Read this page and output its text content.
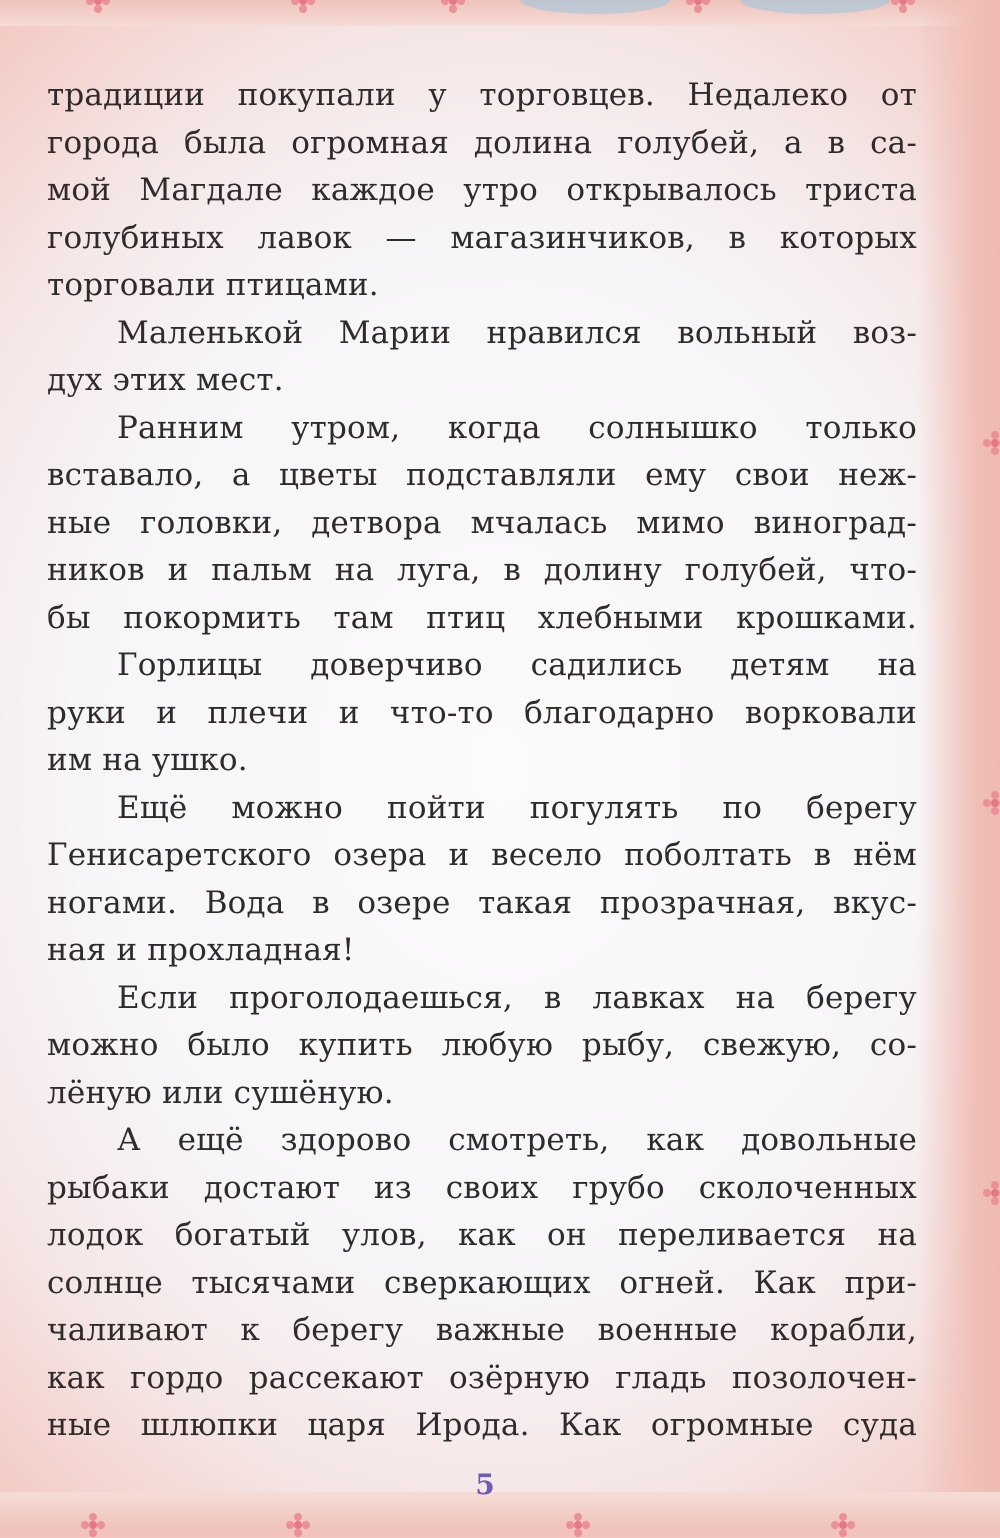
традиции покупали у торговцев. Недалеко от
города была огромная долина голубей, а в са-
мой Магдале каждое утро открывалось триста
голубиных лавок — магазинчиков, в которых
торговали птицами.
Маленькой Марии нравился вольный воз-
дух этих мест.
Ранним утром, когда солнышко только
вставало, а цветы подставляли ему свои неж-
ные головки, детвора мчалась мимо виноград-
ников и пальм на луга, в долину голубей, что-
бы покормить там птиц хлебными крошками.
Горлицы доверчиво садились детям на
руки и плечи и что-то благодарно ворковали
им на ушко.
Ещё можно пойти погулять по берегу
Генисаретского озера и весело поболтать в нём
ногами. Вода в озере такая прозрачная, вкус-
ная и прохладная!
Если проголодаешься, в лавках на берегу
можно было купить любую рыбу, свежую, со-
лёную или сушёную.
А ещё здорово смотреть, как довольные
рыбаки достают из своих грубо сколоченных
лодок богатый улов, как он переливается на
солнце тысячами сверкающих огней. Как при-
чаливают к берегу важные военные корабли,
как гордо рассекают озёрную гладь позолочен-
ные шлюпки царя Ирода. Как огромные суда
5
